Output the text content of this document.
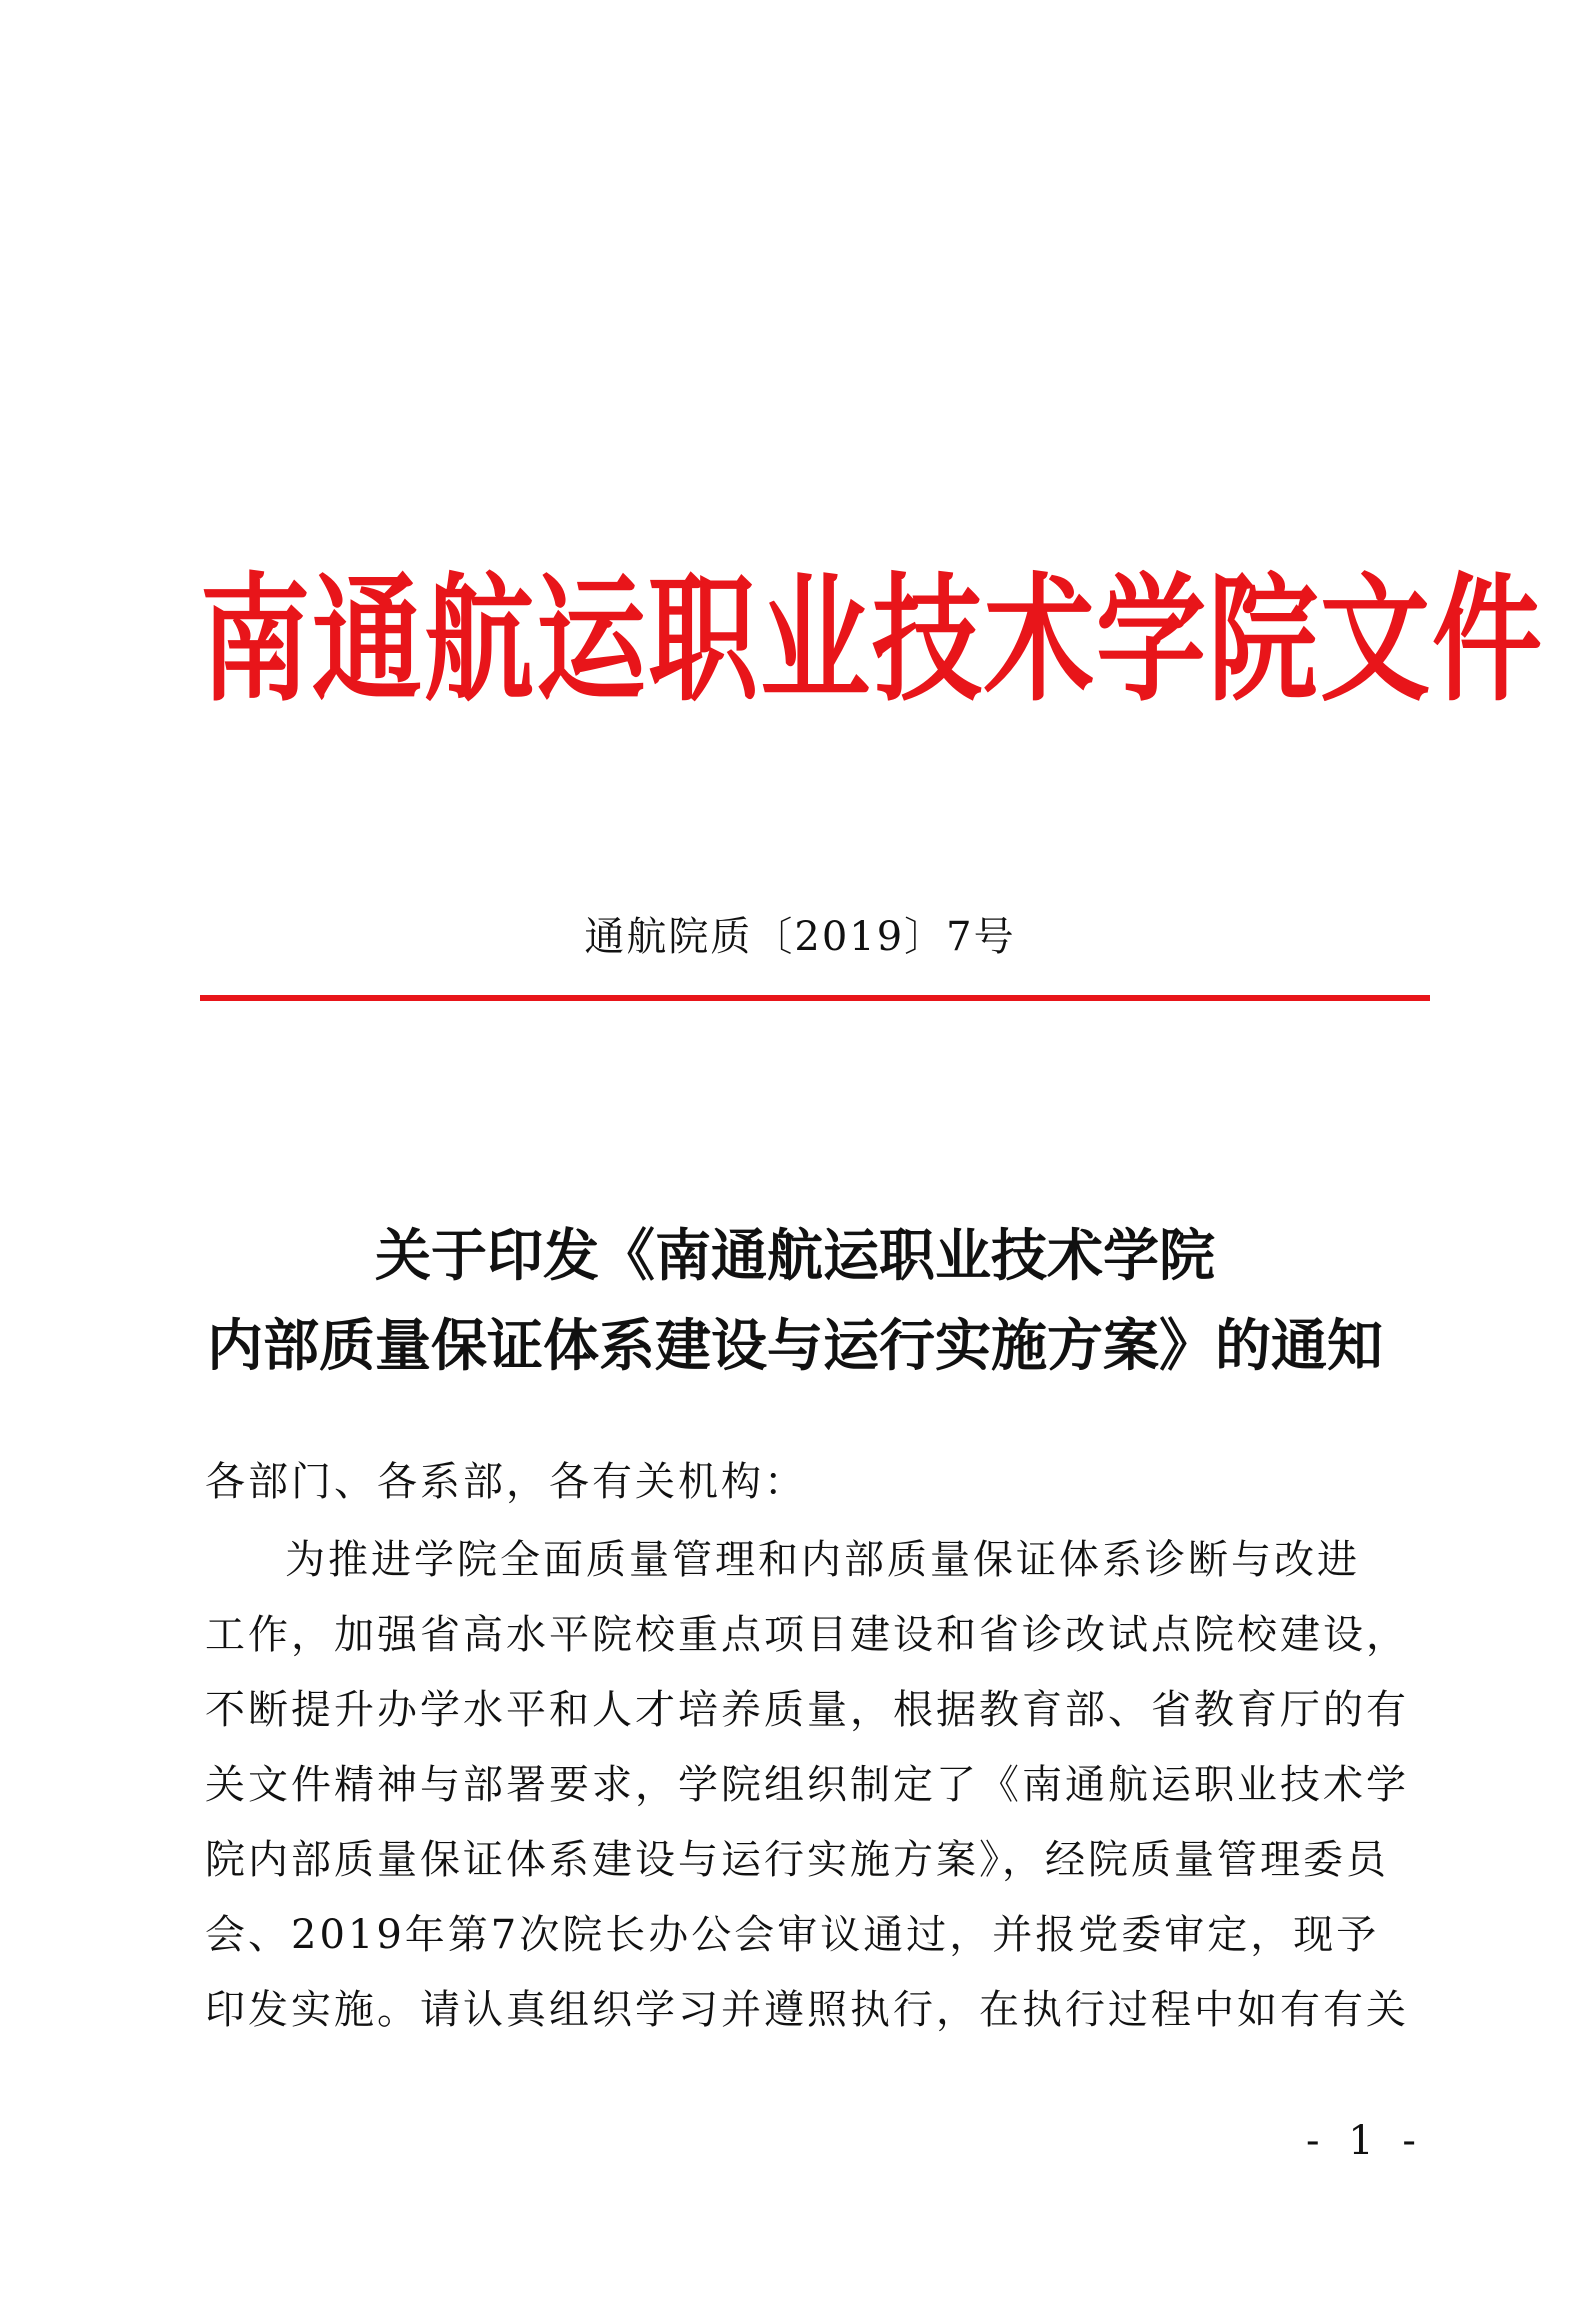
南通航运职业技术学院文件
通航院质〔2019〕7号
关于印发《南通航运职业技术学院
内部质量保证体系建设与运行实施方案》的通知
各部门、各系部，各有关机构：
为推进学院全面质量管理和内部质量保证体系诊断与改进
工作，加强省高水平院校重点项目建设和省诊改试点院校建设，
不断提升办学水平和人才培养质量，根据教育部、省教育厅的有
关文件精神与部署要求，学院组织制定了《南通航运职业技术学
院内部质量保证体系建设与运行实施方案》，经院质量管理委员
会、2019年第7次院长办公会审议通过，并报党委审定，现予
印发实施。请认真组织学习并遵照执行，在执行过程中如有有关
- 1 -
